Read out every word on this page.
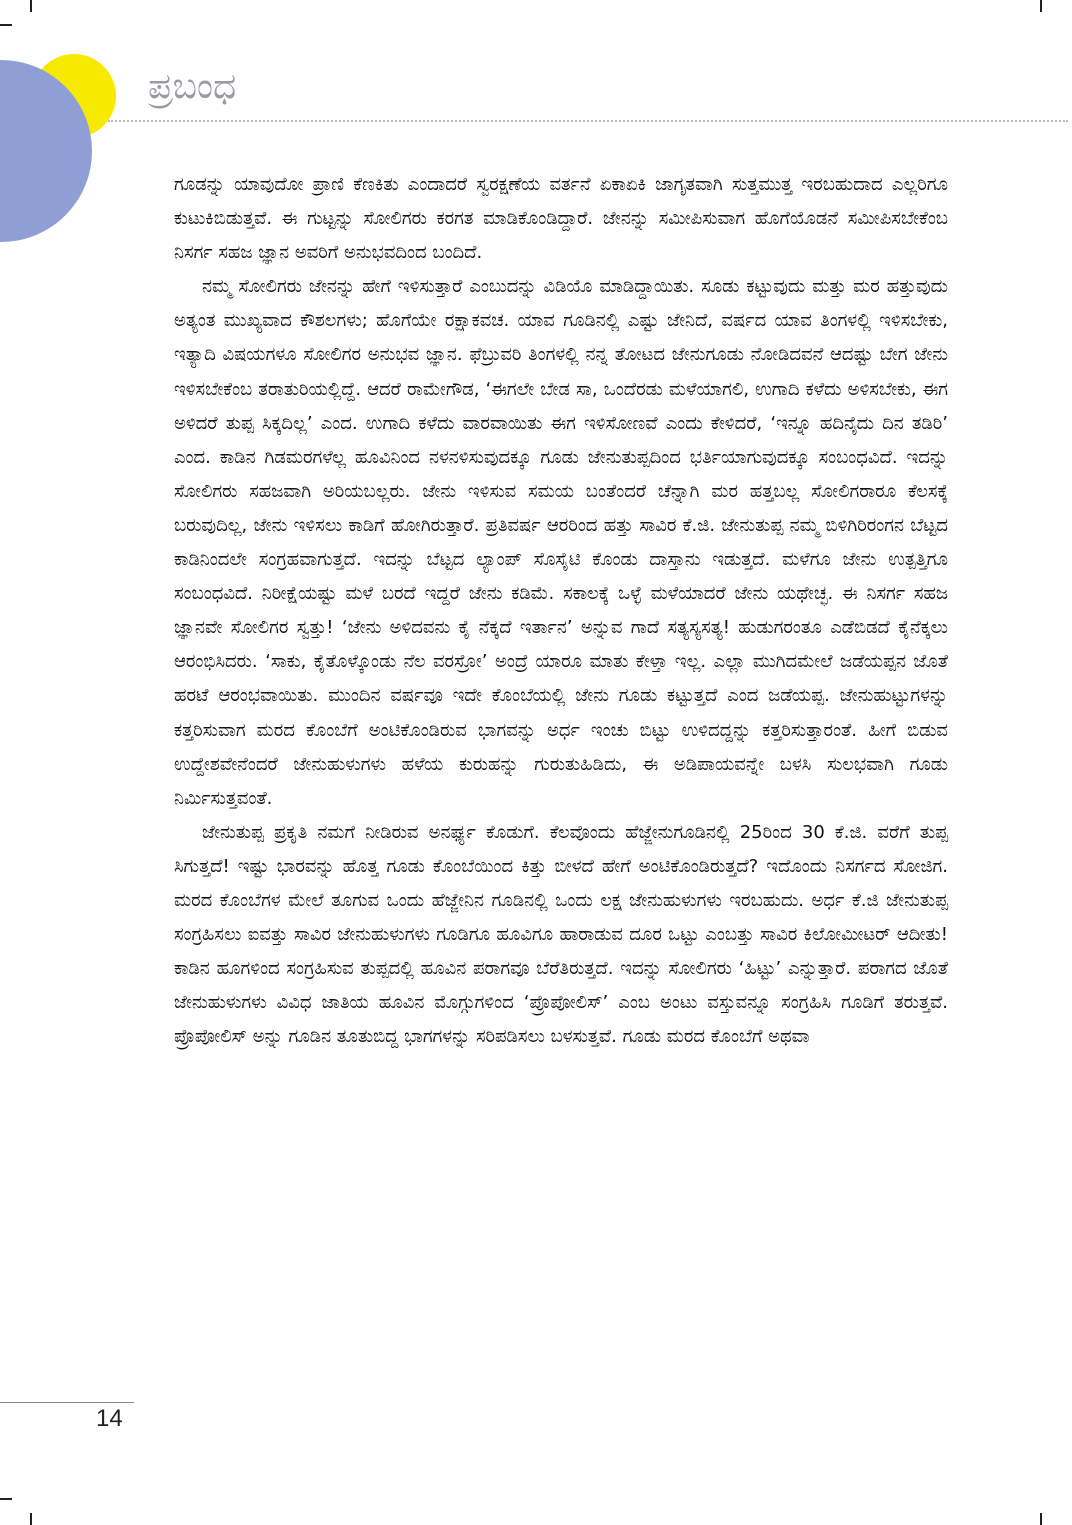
ಪ್ರಬಂಧ

ಗೂಡನ್ನು ಯಾವುದೋ ಪ್ರಾಣಿ ಕೆಣಕಿತು ಎಂದಾದರೆ ಸ್ವರಕ್ಷಣೆಯ ವರ್ತನೆ ಏಕಾಏಕಿ ಜಾಗೃತವಾಗಿ ಸುತ್ತಮುತ್ತ ಇರಬಹುದಾದ ಎಲ್ಲರಿಗೂ ಕುಟುಕಿಬಿಡುತ್ತವೆ. ಈ ಗುಟ್ಟನ್ನು ಸೋಲಿಗರು ಕರಗತ ಮಾಡಿಕೊಂಡಿದ್ದಾರೆ. ಜೇನನ್ನು ಸಮೀಪಿಸುವಾಗ ಹೊಗೆಯೊಡನೆ ಸಮೀಪಿಸಬೇಕೆಂಬ ನಿಸರ್ಗ ಸಹಜ ಜ್ಞಾನ ಅವರಿಗೆ ಅನುಭವದಿಂದ ಬಂದಿದೆ.

ನಮ್ಮ ಸೋಲಿಗರು ಜೇನನ್ನು ಹೇಗೆ ಇಳಿಸುತ್ತಾರೆ ಎಂಬುದನ್ನು ವಿಡಿಯೊ ಮಾಡಿದ್ದಾಯಿತು. ಸೂಡು ಕಟ್ಟುವುದು ಮತ್ತು ಮರ ಹತ್ತುವುದು ಅತ್ಯಂತ ಮುಖ್ಯವಾದ ಕೌಶಲಗಳು; ಹೊಗೆಯೇ ರಕ್ಷಾಕವಚ. ಯಾವ ಗೂಡಿನಲ್ಲಿ ಎಷ್ಟು ಜೇನಿದೆ, ವರ್ಷದ ಯಾವ ತಿಂಗಳಲ್ಲಿ ಇಳಿಸಬೇಕು, ಇತ್ಯಾದಿ ವಿಷಯಗಳೂ ಸೋಲಿಗರ ಅನುಭವ ಜ್ಞಾನ. ಫೆಬ್ರುವರಿ ತಿಂಗಳಲ್ಲಿ ನನ್ನ ತೋಟದ ಜೇನುಗೂಡು ನೋಡಿದವನೆ ಆದಷ್ಟು ಬೇಗ ಜೇನು ಇಳಿಸಬೇಕೆಂಬ ತರಾತುರಿಯಲ್ಲಿದ್ದೆ. ಆದರೆ ರಾಮೇಗೌಡ, ‘ಈಗಲೇ ಬೇಡ ಸಾ, ಒಂದೆರಡು ಮಳೆಯಾಗಲಿ, ಉಗಾದಿ ಕಳೆದು ಅಳಿಸಬೇಕು, ಈಗ ಅಳಿದರೆ ತುಪ್ಪ ಸಿಕ್ಕದಿಲ್ಲ’ ಎಂದ. ಉಗಾದಿ ಕಳೆದು ವಾರವಾಯಿತು ಈಗ ಇಳಿಸೋಣವೆ ಎಂದು ಕೇಳಿದರೆ, ‘ಇನ್ನೂ ಹದಿನೈದು ದಿನ ತಡಿರಿ’ ಎಂದ. ಕಾಡಿನ ಗಿಡಮರಗಳೆಲ್ಲ ಹೂವಿನಿಂದ ನಳನಳಿಸುವುದಕ್ಕೂ ಗೂಡು ಜೇನುತುಪ್ಪದಿಂದ ಭರ್ತಿಯಾಗುವುದಕ್ಕೂ ಸಂಬಂಧವಿದೆ. ಇದನ್ನು ಸೋಲಿಗರು ಸಹಜವಾಗಿ ಅರಿಯಬಲ್ಲರು. ಜೇನು ಇಳಿಸುವ ಸಮಯ ಬಂತೆಂದರೆ ಚೆನ್ನಾಗಿ ಮರ ಹತ್ತಬಲ್ಲ ಸೋಲಿಗರಾರೂ ಕೆಲಸಕ್ಕೆ ಬರುವುದಿಲ್ಲ, ಜೇನು ಇಳಿಸಲು ಕಾಡಿಗೆ ಹೋಗಿರುತ್ತಾರೆ. ಪ್ರತಿವರ್ಷ ಆರರಿಂದ ಹತ್ತು ಸಾವಿರ ಕೆ.ಜಿ. ಜೇನುತುಪ್ಪ ನಮ್ಮ ಬಿಳಿಗಿರಿರಂಗನ ಬೆಟ್ಟದ ಕಾಡಿನಿಂದಲೇ ಸಂಗ್ರಹವಾಗುತ್ತದೆ. ಇದನ್ನು ಬೆಟ್ಟದ ಲ್ಯಾಂಪ್ ಸೊಸೈಟಿ ಕೊಂಡು ದಾಸ್ತಾನು ಇಡುತ್ತದೆ. ಮಳೆಗೂ ಜೇನು ಉತ್ಪತ್ತಿಗೂ ಸಂಬಂಧವಿದೆ. ನಿರೀಕ್ಷೆಯಷ್ಟು ಮಳೆ ಬರದೆ ಇದ್ದರೆ ಜೇನು ಕಡಿಮೆ. ಸಕಾಲಕ್ಕೆ ಒಳ್ಳೆ ಮಳೆಯಾದರೆ ಜೇನು ಯಥೇಚ್ಛ. ಈ ನಿಸರ್ಗ ಸಹಜ ಜ್ಞಾನವೇ ಸೋಲಿಗರ ಸ್ವತ್ತು! ‘ಜೇನು ಅಳಿದವನು ಕೈ ನೆಕ್ಕದೆ ಇರ್ತಾನ’ ಅನ್ನುವ ಗಾದೆ ಸತ್ಯಸ್ಯಸತ್ಯ! ಹುಡುಗರಂತೂ ಎಡೆಬಿಡದೆ ಕೈನೆಕ್ಕಲು ಆರಂಭಿಸಿದರು. ‘ಸಾಕು, ಕೈತೊಳ್ಕೊಂಡು ನೆಲ ವರಸ್ರೋ’ ಅಂದ್ರೆ ಯಾರೂ ಮಾತು ಕೇಳ್ತಾ ಇಲ್ಲ. ಎಲ್ಲಾ ಮುಗಿದಮೇಲೆ ಜಡೆಯಪ್ಪನ ಜೊತೆ ಹರಟೆ ಆರಂಭವಾಯಿತು. ಮುಂದಿನ ವರ್ಷವೂ ಇದೇ ಕೊಂಬೆಯಲ್ಲಿ ಜೇನು ಗೂಡು ಕಟ್ಟುತ್ತದೆ ಎಂದ ಜಡೆಯಪ್ಪ. ಜೇನುಹುಟ್ಟುಗಳನ್ನು ಕತ್ತರಿಸುವಾಗ ಮರದ ಕೊಂಬೆಗೆ ಅಂಟಿಕೊಂಡಿರುವ ಭಾಗವನ್ನು ಅರ್ಧ ಇಂಚು ಬಿಟ್ಟು ಉಳಿದದ್ದನ್ನು ಕತ್ತರಿಸುತ್ತಾರಂತೆ. ಹೀಗೆ ಬಿಡುವ ಉದ್ದೇಶವೇನೆಂದರೆ ಜೇನುಹುಳುಗಳು ಹಳೆಯ ಕುರುಹನ್ನು ಗುರುತುಹಿಡಿದು, ಈ ಅಡಿಪಾಯವನ್ನೇ ಬಳಸಿ ಸುಲಭವಾಗಿ ಗೂಡು ನಿರ್ಮಿಸುತ್ತವಂತೆ.

ಜೇನುತುಪ್ಪ ಪ್ರಕೃತಿ ನಮಗೆ ನೀಡಿರುವ ಅನರ್ಘ್ಯ ಕೊಡುಗೆ. ಕೆಲವೊಂದು ಹೆಜ್ಜೇನುಗೂಡಿನಲ್ಲಿ 25ರಿಂದ 30 ಕೆ.ಜಿ. ವರೆಗೆ ತುಪ್ಪ ಸಿಗುತ್ತದೆ! ಇಷ್ಟು ಭಾರವನ್ನು ಹೊತ್ತ ಗೂಡು ಕೊಂಬೆಯಿಂದ ಕಿತ್ತು ಬೀಳದೆ ಹೇಗೆ ಅಂಟಿಕೊಂಡಿರುತ್ತದೆ? ಇದೊಂದು ನಿಸರ್ಗದ ಸೋಜಿಗ. ಮರದ ಕೊಂಬೆಗಳ ಮೇಲೆ ತೂಗುವ ಒಂದು ಹೆಜ್ಜೇನಿನ ಗೂಡಿನಲ್ಲಿ ಒಂದು ಲಕ್ಷ ಜೇನುಹುಳುಗಳು ಇರಬಹುದು. ಅರ್ಧ ಕೆ.ಜಿ ಜೇನುತುಪ್ಪ ಸಂಗ್ರಹಿಸಲು ಐವತ್ತು ಸಾವಿರ ಜೇನುಹುಳುಗಳು ಗೂಡಿಗೂ ಹೂವಿಗೂ ಹಾರಾಡುವ ದೂರ ಒಟ್ಟು ಎಂಬತ್ತು ಸಾವಿರ ಕಿಲೋಮೀಟರ್ ಆದೀತು! ಕಾಡಿನ ಹೂಗಳಿಂದ ಸಂಗ್ರಹಿಸುವ ತುಪ್ಪದಲ್ಲಿ ಹೂವಿನ ಪರಾಗವೂ ಬೆರೆತಿರುತ್ತದೆ. ಇದನ್ನು ಸೋಲಿಗರು ‘ಹಿಟ್ಟು’ ಎನ್ನುತ್ತಾರೆ. ಪರಾಗದ ಜೊತೆ ಜೇನುಹುಳುಗಳು ವಿವಿಧ ಜಾತಿಯ ಹೂವಿನ ಮೊಗ್ಗುಗಳಿಂದ ‘ಪ್ರೊಪೋಲಿಸ್’ ಎಂಬ ಅಂಟು ವಸ್ತುವನ್ನೂ ಸಂಗ್ರಹಿಸಿ ಗೂಡಿಗೆ ತರುತ್ತವೆ. ಪ್ರೊಪೋಲಿಸ್ ಅನ್ನು ಗೂಡಿನ ತೂತುಬಿದ್ದ ಭಾಗಗಳನ್ನು ಸರಿಪಡಿಸಲು ಬಳಸುತ್ತವೆ. ಗೂಡು ಮರದ ಕೊಂಬೆಗೆ ಅಥವಾ

14
